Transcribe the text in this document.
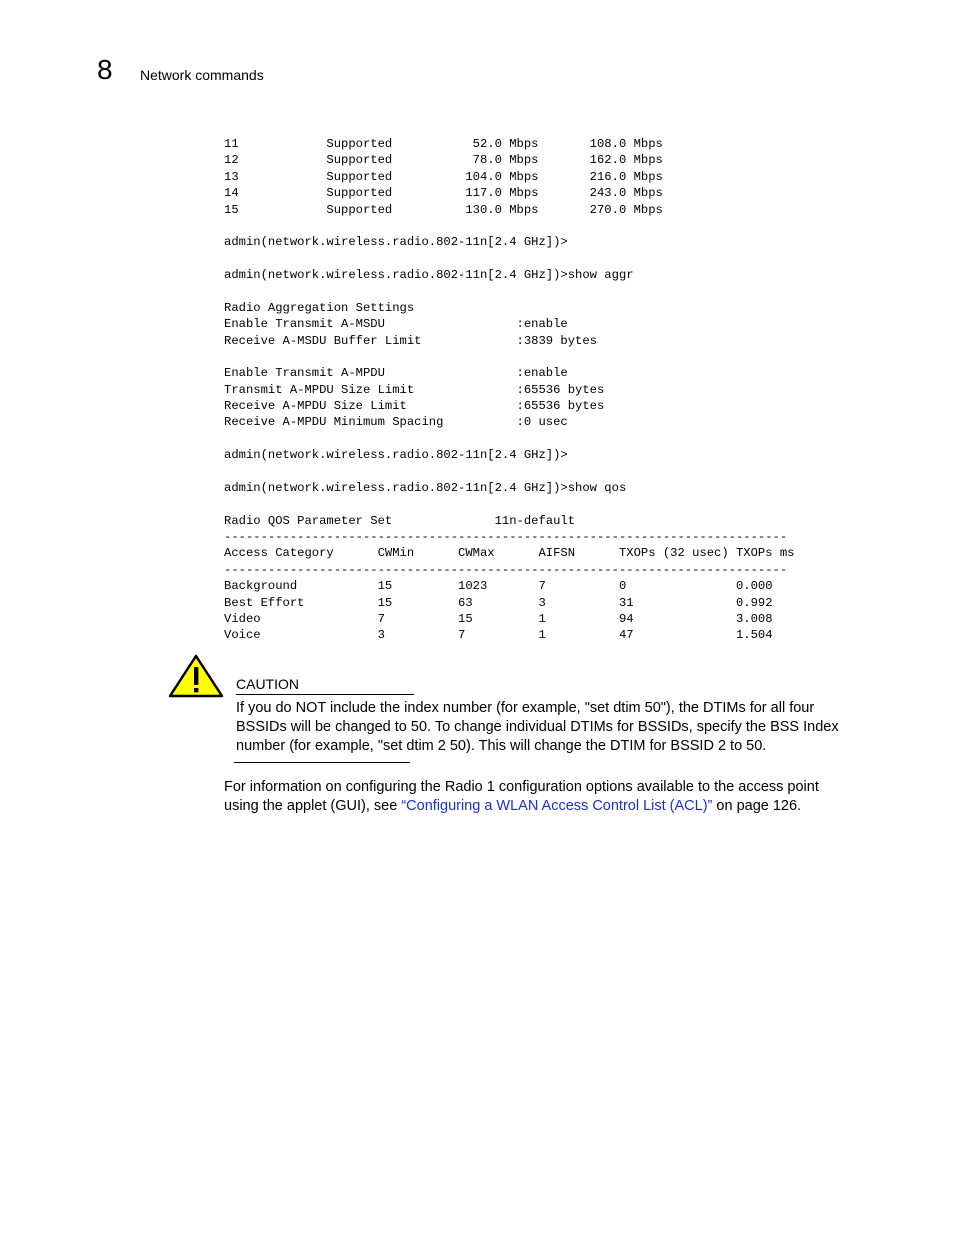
8 Network commands
11            Supported           52.0 Mbps       108.0 Mbps
12            Supported           78.0 Mbps       162.0 Mbps
13            Supported          104.0 Mbps       216.0 Mbps
14            Supported          117.0 Mbps       243.0 Mbps
15            Supported          130.0 Mbps       270.0 Mbps

admin(network.wireless.radio.802-11n[2.4 GHz])>

admin(network.wireless.radio.802-11n[2.4 GHz])>show aggr

Radio Aggregation Settings
Enable Transmit A-MSDU                  :enable
Receive A-MSDU Buffer Limit             :3839 bytes

Enable Transmit A-MPDU                  :enable
Transmit A-MPDU Size Limit              :65536 bytes
Receive A-MPDU Size Limit               :65536 bytes
Receive A-MPDU Minimum Spacing          :0 usec

admin(network.wireless.radio.802-11n[2.4 GHz])>

admin(network.wireless.radio.802-11n[2.4 GHz])>show qos

Radio QOS Parameter Set              11n-default
-----------------------------------------------------------------------------
Access Category      CWMin      CWMax      AIFSN      TXOPs (32 usec) TXOPs ms
-----------------------------------------------------------------------------
Background           15         1023       7          0               0.000
Best Effort          15         63         3          31              0.992
Video                7          15         1          94              3.008
Voice                3          7          1          47              1.504
CAUTION

If you do NOT include the index number (for example, "set dtim 50"), the DTIMs for all four BSSIDs will be changed to 50. To change individual DTIMs for BSSIDs, specify the BSS Index number (for example, "set dtim 2 50). This will change the DTIM for BSSID 2 to 50.

For information on configuring the Radio 1 configuration options available to the access point using the applet (GUI), see “Configuring a WLAN Access Control List (ACL)” on page 126.
